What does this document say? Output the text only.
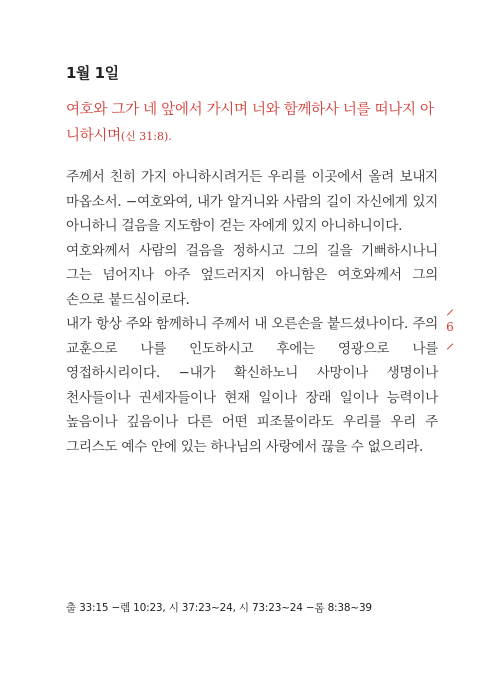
1월 1일
여호와 그가 네 앞에서 가시며 너와 함께하사 너를 떠나지 아니하시며(신 31:8).

주께서 친히 가지 아니하시려거든 우리를 이곳에서 올려 보내지 마옵소서. −여호와여, 내가 알거니와 사람의 길이 자신에게 있지 아니하니 걸음을 지도함이 걷는 자에게 있지 아니하니이다.

여호와께서 사람의 걸음을 정하시고 그의 길을 기뻐하시나니 그는 넘어지나 아주 엎드러지지 아니함은 여호와께서 그의 손으로 붙드심이로다.

내가 항상 주와 함께하니 주께서 내 오른손을 붙드셨나이다. 주의 교훈으로 나를 인도하시고 후에는 영광으로 나를 영접하시리이다. −내가 확신하노니 사망이나 생명이나 천사들이나 권세자들이나 현재 일이나 장래 일이나 능력이나 높음이나 깊음이나 다른 어떤 피조물이라도 우리를 우리 주 그리스도 예수 안에 있는 하나님의 사랑에서 끊을 수 없으리라.

6
출 33:15 −렘 10:23, 시 37:23~24, 시 73:23~24 −롬 8:38~39
